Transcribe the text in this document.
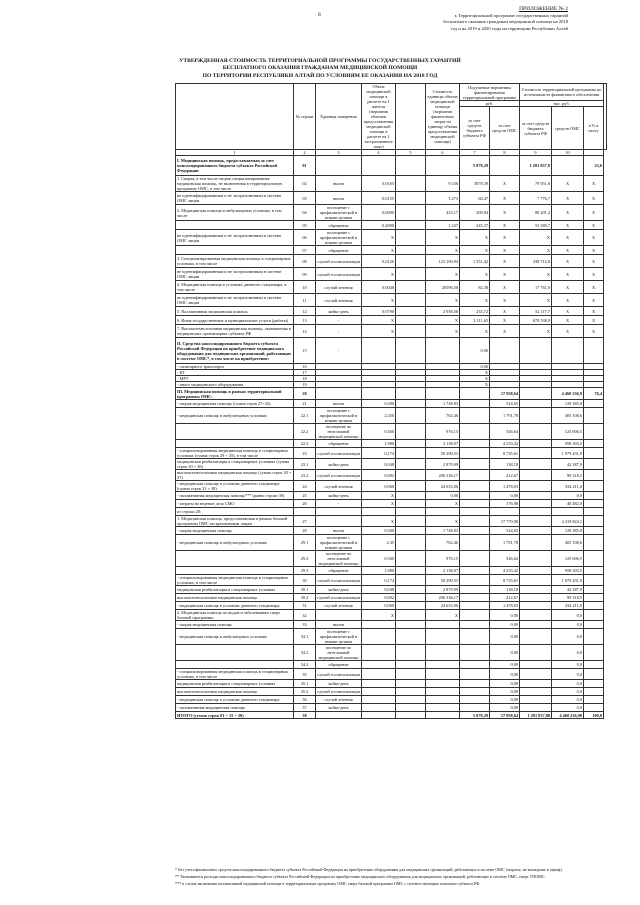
8
ПРИЛОЖЕНИЕ № 2
к Территориальной программе государственных гарантий
бесплатного оказания гражданам медицинской помощи на 2018
год и на 2019 и 2020 годы на территории Республики Алтай
УТВЕРЖДЕННАЯ СТОИМОСТЬ ТЕРРИТОРИАЛЬНОЙ ПРОГРАММЫ ГОСУДАРСТВЕННЫХ ГАРАНТИЙ
БЕСПЛАТНОГО ОКАЗАНИЯ ГРАЖДАНАМ МЕДИЦИНСКОЙ ПОМОЩИ
ПО ТЕРРИТОРИИ РЕСПУБЛИКИ АЛТАЙ ПО УСЛОВИЯМ ЕЕ ОКАЗАНИЯ НА 2018 ГОД
	№ строки	Единица измерения	Объем медицинской помощи в расчете на 1 жителя (норматив объемов предоставления медицинской помощи в расчете на 1 застрахованное лицо)		Стоимость единицы объема медицинской помощи (норматив финансовых затрат на единицу объема предоставления медицинской помощи)	Подушевые нормативы финансирования территориальной программы		Стоимость территориальной программы по источникам ее финансового обеспечения			
						руб.		тыс. руб.			
						за счет средств бюджета субъекта РФ	за счет средств ОМС	за счет средств бюджета субъекта РФ	средств ОМС	в % к итогу	
1	2	3	4	5	6	7	8	9	10		
I. Медицинская помощь, предоставляемая за счет консолидированного бюджета субъекта Российской Федерации	01					5 878,29		1 281 837,8		23,6	
1. Скорая, в том числе скорая специализированная медицинская помощь, не включенная в территориальную программу ОМС, в том числе	02	вызов	0,0165		9 236	3878,39	X	79 951,6	X	X	
не идентифицированным и не застрахованным в системе ОМС лицам	03	вызов	0,0155		3 273	60,47	X	7 776,7	X	X	
2. Медицинская помощь в амбулаторных условиях, в том числе	04	посещение с профилактической и иными целями	0,6000		423,17	290,04	X	88 201,2	X	X	
	05	обращение	0,2000		1 227	245,37	X	53 389,7	X	X	
не идентифицированным и не застрахованным в системе ОМС лицам	06	посещение с профилактической и иными целями	X		X	X	X	X	X	X	
	07	обращение	X		X	X	X	X	X	X	
3. Специализированная медицинская помощь в стационарных условиях, в том числе	08	случай госпитализации	0,0126		123 169,04	1 551,42	X	338 712,0	X	X	
не идентифицированным и не застрахованным в системе ОМС лицам	09	случай госпитализации	X		X	X	X	X	X	X	
4. Медицинская помощь в условиях дневного стационара, в том числе	10	случай лечения	0,0040		20596,58	82,38	X	17 761,0	X	X	
не идентифицированным и не застрахованным в системе ОМС лицам	11	случай лечения	X		X	X	X	X	X	X	
5. Паллиативная медицинская помощь	12	койко-день	0,0790		2 958,56	233,72	X	52 117,7	X	X	
6. Иные государственные и муниципальные услуги (работы)	13	-	X		X	3 111,65	X	678 538,9	X	X	
7. Высокотехнологичная медицинская помощь, оказываемая в медицинских организациях субъекта РФ	14	-	X		X	X	X	X	X	X	
II. Средства консолидированного бюджета субъекта Российской Федерации на приобретение медицинского оборудования для медицинских организаций, работающих в системе ОМС*, в том числе на приобретение:	15	-				0,00					
- санитарного транспорта	16					0,00					
- КТ	17					X					
- МРТ	18					X					
- иного медицинского оборудования	19					X					
III. Медицинская помощь в рамках территориальной программы ОМС:	20						17 958,64		4 460 236,9	76,4	
- скорая медицинская помощь (сумма строк 27+32)	21	вызов	0,300		1 748,83		524,65		129 385,8		
- медицинская помощь в амбулаторных условиях	22.1	посещение с профилактической и иными целями	2,350		762,46		1 791,78		405 108,6		
	22.2	посещение по неотложной медицинской помощи	0,560		976,15		546,64		125 606,5		
	22.3	обращение	1,980		2 138,07		4 233,42		958 303,5		
- специализированная медицинская помощь в стационарных условиях (сумма строк 29 + 35), в том числе	23	случай госпитализации	0,174		50 290,53		8 735,61		1 979 431,9		
медицинская реабилитация в стационарных условиях (сумма строк 30 + 36)	23.1	койко-день	0,048		2 879,99		138,18		42 387,9		
высокотехнологичная медицинская помощь (сумма строк 30 + 37)	23.2	случай госпитализации	0,002		206 336,17		412,67		99 318,5		
- медицинская помощь в условиях дневного стационара (сумма строк 31 + 38)	24	случай лечения	0,060		24 633,06		1 478,03		334 211,0		
- паллиативная медицинская помощь*** (равно строке 39)	25	койко-день	X		0,00		0,00		0,0		
- затраты на ведение дела СМО	26	-	X		X		176,98		40 482,0		
из строки 20:											
1. Медицинская помощь, предоставляемая в рамках базовой программы ОМС застрахованным лицам	27		X		X		17 779,08		4 419 824,1		
- скорая медицинская помощь	28	вызов	0,300		1 748,83		524,65		129 385,8		
- медицинская помощь в амбулаторных условиях	29.1	посещение с профилактической и иными целями	2,35		762,46		1 791,78		405 108,6		
	29.2	посещение по неотложной медицинской помощи	0,560		976,15		546,64		125 606,5		
	29.3	обращение	1,980		2 138,07		4 233,42		958 303,5		
- специализированная медицинская помощь в стационарных условиях, в том числе	30	случай госпитализации	0,174		50 290,53		8 735,61		1 979 431,9		
медицинская реабилитация в стационарных условиях	30.1	койко-день	0,048		2 879,99		138,18		42 387,9		
высокотехнологичная медицинская помощь	30.2	случай госпитализации	0,002		206 336,17		412,67		99 318,5		
- медицинская помощь в условиях дневного стационара	31	случай лечения	0,060		24 633,06		1 478,03		334 211,0		
2. Медицинская помощь по видам и заболеваниям сверх базовой программы:	32		X		X		0,00		0,0		
- скорая медицинская помощь	33	вызов					0,00		0,0		
- медицинская помощь в амбулаторных условиях	34.1	посещение с профилактической и иными целями					0,00		0,0		
	34.2	посещение по неотложной медицинской помощи					0,00		0,0		
	34.3	обращение					0,00		0,0		
- специализированная медицинская помощь в стационарных условиях, в том числе	35	случай госпитализации					0,00		0,0		
медицинская реабилитация в стационарных условиях	35.1	койко-день					0,00		0,0		
высокотехнологичная медицинская помощь	35.2	случай госпитализации					0,00		0,0		
- медицинская помощь в условиях дневного стационара	36	случай лечения					0,00		0,0		
- паллиативная медицинская помощь	37	койко-день					0,00		0,0		
ИТОГО (сумма строк 01 + 15 + 20)	38					5 878,29	17 958,64	1 281 837,80	4 460 236,90	100,0	
* Без учета финансовых средств консолидированного бюджета субъекта Российской Федерации на приобретение оборудования для медицинских организаций, работающих в системе ОМС (затраты, не вошедшие в тариф).
** Указываются расходы консолидированного бюджета субъекта Российской Федерации на приобретение медицинского оборудования для медицинских организаций, работающих в системе ОМС, сверх ТПОМС.
*** в случае включения паллиативной медицинской помощи в территориальную программу ОМС сверх базовой программы ОМС с соответствующим платежом субъекта РФ.
